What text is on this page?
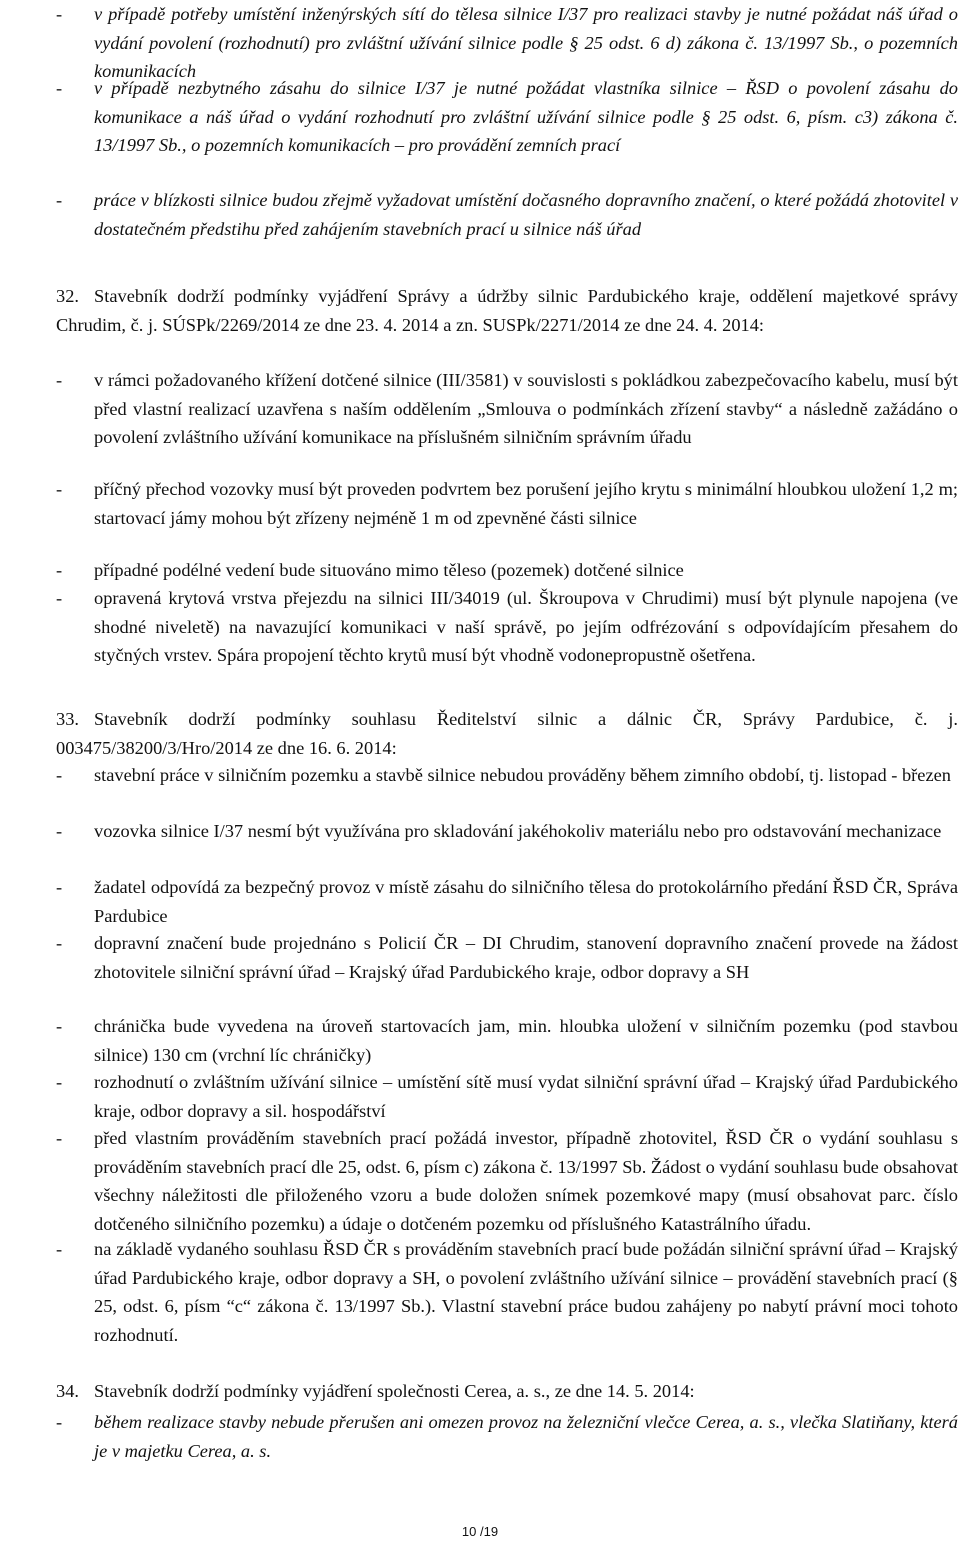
- v případě potřeby umístění inženýrských sítí do tělesa silnice I/37 pro realizaci stavby je nutné požádat náš úřad o vydání povolení (rozhodnutí) pro zvláštní užívání silnice podle § 25 odst. 6 d) zákona č. 13/1997 Sb., o pozemních komunikacích
- v případě nezbytného zásahu do silnice I/37 je nutné požádat vlastníka silnice – ŘSD o povolení zásahu do komunikace a náš úřad o vydání rozhodnutí pro zvláštní užívání silnice podle § 25 odst. 6, písm. c3) zákona č. 13/1997 Sb., o pozemních komunikacích – pro provádění zemních prací
- práce v blízkosti silnice budou zřejmě vyžadovat umístění dočasného dopravního značení, o které požádá zhotovitel v dostatečném předstihu před zahájením stavebních prací u silnice náš úřad
32. Stavebník dodrží podmínky vyjádření Správy a údržby silnic Pardubického kraje, oddělení majetkové správy Chrudim, č. j. SÚSPk/2269/2014 ze dne 23. 4. 2014 a zn. SUSPk/2271/2014 ze dne 24. 4. 2014:
- v rámci požadovaného křížení dotčené silnice (III/3581) v souvislosti s pokládkou zabezpečovacího kabelu, musí být před vlastní realizací uzavřena s naším oddělením „Smlouva o podmínkách zřízení stavby“ a následně zažádáno o povolení zvláštního užívání komunikace na příslušném silničním správním úřadu
- příčný přechod vozovky musí být proveden podvrtem bez porušení jejího krytu s minimální hloubkou uložení 1,2 m; startovací jámy mohou být zřízeny nejméně 1 m od zpevněné části silnice
- případné podélné vedení bude situováno mimo těleso (pozemek) dotčené silnice
- opravená krytová vrstva přejezdu na silnici III/34019 (ul. Škroupova v Chrudimi) musí být plynule napojena (ve shodné niveletě) na navazující komunikaci v naší správě, po jejím odfrézování s odpovídajícím přesahem do styčných vrstev. Spára propojení těchto krytů musí být vhodně vodonepropustně ošetřena.
33. Stavebník dodrží podmínky souhlasu Ředitelství silnic a dálnic ČR, Správy Pardubice, č. j. 003475/38200/3/Hro/2014 ze dne 16. 6. 2014:
- stavební práce v silničním pozemku a stavbě silnice nebudou prováděny během zimního období, tj. listopad - březen
- vozovka silnice I/37 nesmí být využívána pro skladování jakéhokoliv materiálu nebo pro odstavování mechanizace
- žadatel odpovídá za bezpečný provoz v místě zásahu do silničního tělesa do protokolárního předání ŘSD ČR, Správa Pardubice
- dopravní značení bude projednáno s Policií ČR – DI Chrudim, stanovení dopravního značení provede na žádost zhotovitele silniční správní úřad – Krajský úřad Pardubického kraje, odbor dopravy a SH
- chránička bude vyvedena na úroveň startovacích jam, min. hloubka uložení v silničním pozemku (pod stavbou silnice) 130 cm (vrchní líc chráničky)
- rozhodnutí o zvláštním užívání silnice – umístění sítě musí vydat silniční správní úřad – Krajský úřad Pardubického kraje, odbor dopravy a sil. hospodářství
- před vlastním prováděním stavebních prací požádá investor, případně zhotovitel, ŘSD ČR o vydání souhlasu s prováděním stavebních prací dle 25, odst. 6, písm c) zákona č. 13/1997 Sb. Žádost o vydání souhlasu bude obsahovat všechny náležitosti dle přiloženého vzoru a bude doložen snímek pozemkové mapy (musí obsahovat parc. číslo dotčeného silničního pozemku) a údaje o dotčeném pozemku od příslušného Katastrálního úřadu.
- na základě vydaného souhlasu ŘSD ČR s prováděním stavebních prací bude požádán silniční správní úřad – Krajský úřad Pardubického kraje, odbor dopravy a SH, o povolení zvláštního užívání silnice – provádění stavebních prací (§ 25, odst. 6, písm “c“ zákona č. 13/1997 Sb.). Vlastní stavební práce budou zahájeny po nabytí právní moci tohoto rozhodnutí.
34. Stavebník dodrží podmínky vyjádření společnosti Cerea, a. s., ze dne 14. 5. 2014:
- během realizace stavby nebude přerušen ani omezen provoz na železniční vlečce Cerea, a. s., vlečka Slatiňany, která je v majetku Cerea, a. s.
10 /19
